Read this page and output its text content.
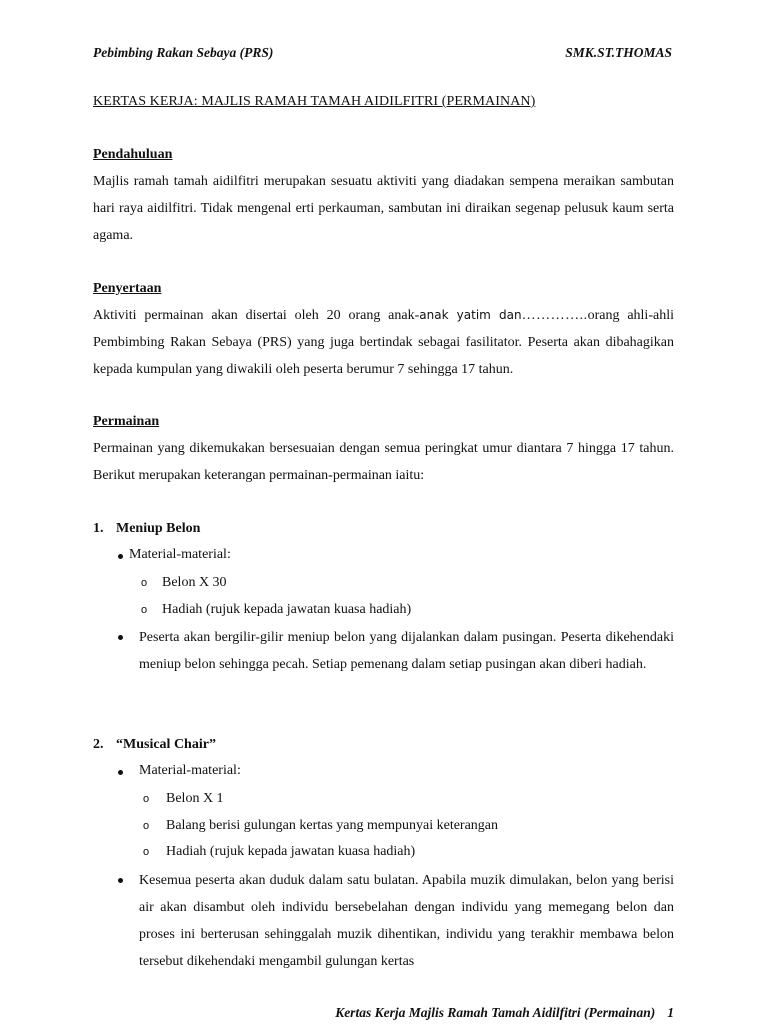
Pebimbing Rakan Sebaya (PRS)	SMK.ST.THOMAS
KERTAS KERJA: MAJLIS RAMAH TAMAH AIDILFITRI (PERMAINAN)
Pendahuluan

Majlis ramah tamah aidilfitri merupakan sesuatu aktiviti yang diadakan sempena meraikan sambutan hari raya aidilfitri. Tidak mengenal erti perkauman, sambutan ini diraikan segenap pelusuk kaum serta agama.

Penyertaan

Aktiviti permainan akan disertai oleh 20 orang anak-anak yatim dan…………..orang ahli-ahli Pembimbing Rakan Sebaya (PRS) yang juga bertindak sebagai fasilitator. Peserta akan dibahagikan kepada kumpulan yang diwakili oleh peserta berumur 7 sehingga 17 tahun.

Permainan

Permainan yang dikemukakan bersesuaian dengan semua peringkat umur diantara 7 hingga 17 tahun. Berikut merupakan keterangan permainan-permainan iaitu:

1. Meniup Belon
Material-material:
o Belon X 30
o Hadiah (rujuk kepada jawatan kuasa hadiah)

Peserta akan bergilir-gilir meniup belon yang dijalankan dalam pusingan. Peserta dikehendaki meniup belon sehingga pecah. Setiap pemenang dalam setiap pusingan akan diberi hadiah.

2. “Musical Chair”
Material-material:
o Belon X 1
o Balang berisi gulungan kertas yang mempunyai keterangan
o Hadiah (rujuk kepada jawatan kuasa hadiah)

Kesemua peserta akan duduk dalam satu bulatan. Apabila muzik dimulakan, belon yang berisi air akan disambut oleh individu bersebelahan dengan individu yang memegang belon dan proses ini berterusan sehinggalah muzik dihentikan, individu yang terakhir membawa belon tersebut dikehendaki mengambil gulungan kertas

Kertas Kerja Majlis Ramah Tamah Aidilfitri (Permainan) 1
